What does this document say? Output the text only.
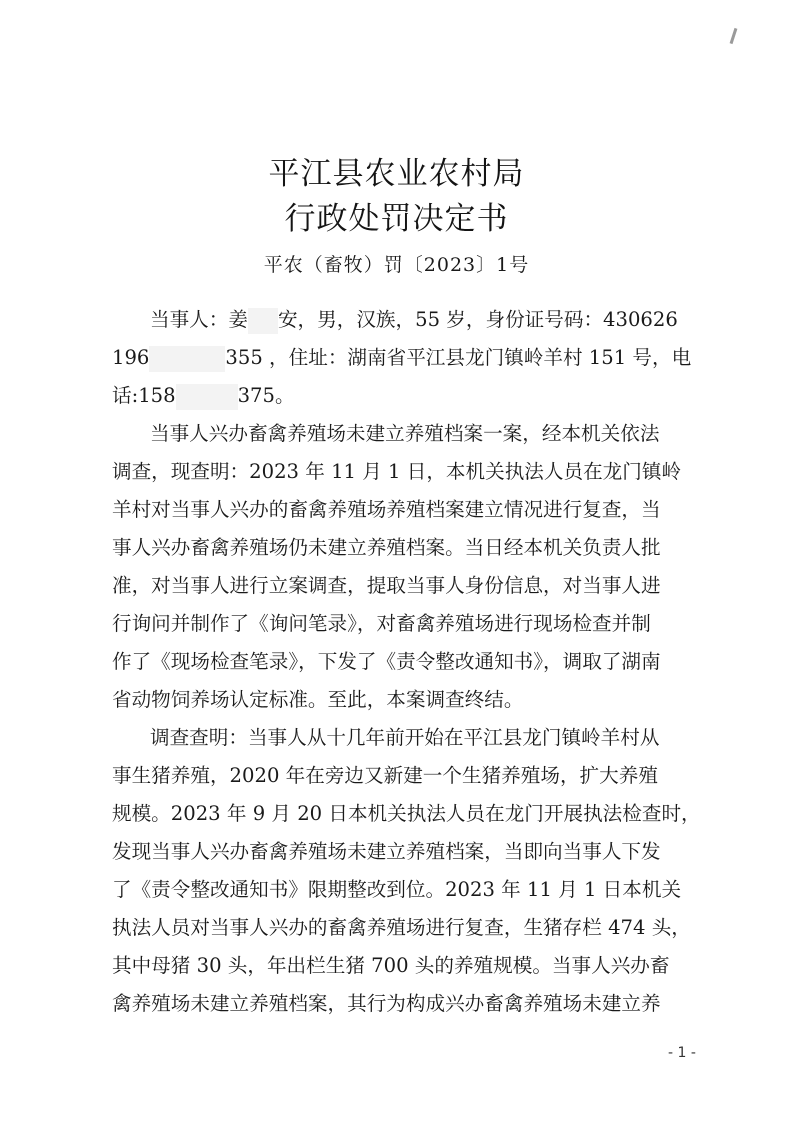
平江县农业农村局
行政处罚决定书
平农（畜牧）罚〔2023〕1号
当事人：姜 安，男，汉族，55 岁，身份证号码：430626
196	355 ，住址：湖南省平江县龙门镇岭羊村 151 号，电
话:158	375。
当事人兴办畜禽养殖场未建立养殖档案一案，经本机关依法
调查，现查明：2023 年 11 月 1 日，本机关执法人员在龙门镇岭
羊村对当事人兴办的畜禽养殖场养殖档案建立情况进行复查，当
事人兴办畜禽养殖场仍未建立养殖档案。当日经本机关负责人批
准，对当事人进行立案调查，提取当事人身份信息，对当事人进
行询问并制作了《询问笔录》，对畜禽养殖场进行现场检查并制
作了《现场检查笔录》，下发了《责令整改通知书》，调取了湖南
省动物饲养场认定标准。至此，本案调查终结。
调查查明：当事人从十几年前开始在平江县龙门镇岭羊村从
事生猪养殖，2020 年在旁边又新建一个生猪养殖场，扩大养殖
规模。2023 年 9 月 20 日本机关执法人员在龙门开展执法检查时，
发现当事人兴办畜禽养殖场未建立养殖档案，当即向当事人下发
了《责令整改通知书》限期整改到位。2023 年 11 月 1 日本机关
执法人员对当事人兴办的畜禽养殖场进行复查，生猪存栏 474 头，
其中母猪 30 头，年出栏生猪 700 头的养殖规模。当事人兴办畜
禽养殖场未建立养殖档案，其行为构成兴办畜禽养殖场未建立养
- 1 -
